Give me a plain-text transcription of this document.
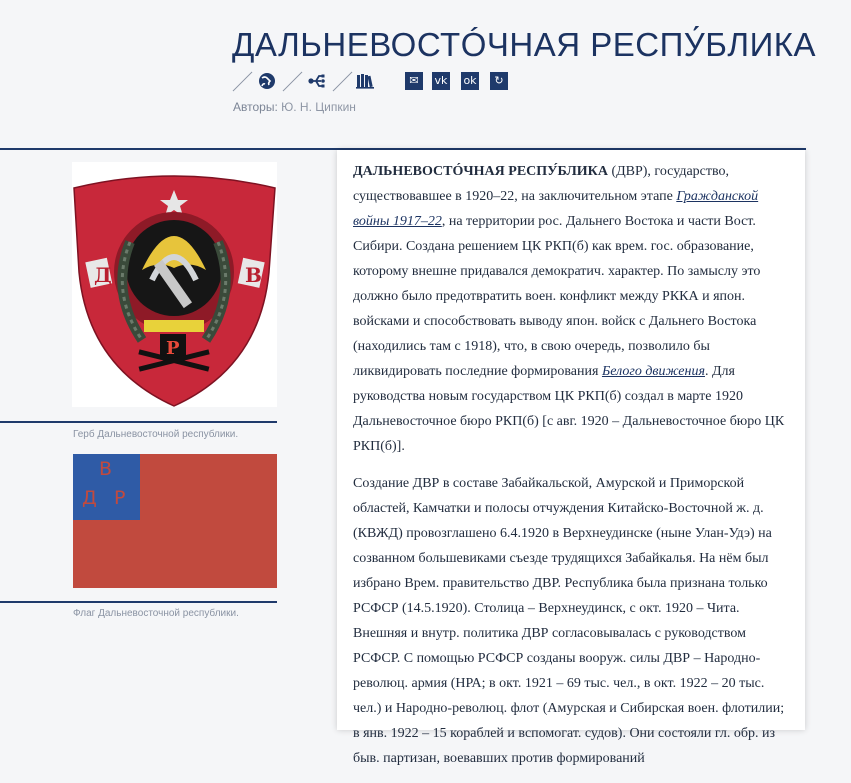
ДАЛЬНЕВОСТÓЧНАЯ РЕСПУ́БЛИКА
✉	vk ok	↻
Авторы: Ю. Н. Ципкин
Д	В
Р
Герб Дальневосточной республики.
В
Д Р
Флаг Дальневосточной республики.

ДАЛЬНЕВОСТÓЧНАЯ РЕСПУ́БЛИКА (ДВР), государство, существовавшее в 1920–22, на заключительном этапе Гражданской войны 1917–22, на территории рос. Дальнего Востока и части Вост. Сибири. Создана решением ЦК РКП(б) как врем. гос. образование, которому внешне придавался демократич. характер. По замыслу это должно было предотвратить воен. конфликт между РККА и япон. войсками и способствовать выводу япон. войск с Дальнего Востока (находились там с 1918), что, в свою очередь, позволило бы ликвидировать последние формирования Белого движения. Для руководства новым государством ЦК РКП(б) создал в марте 1920 Дальневосточное бюро РКП(б) [с авг. 1920 – Дальневосточное бюро ЦК РКП(б)].

Создание ДВР в составе Забайкальской, Амурской и Приморской областей, Камчатки и полосы отчуждения Китайско-Восточной ж. д. (КВЖД) провозглашено 6.4.1920 в Верхнеудинске (ныне Улан-Удэ) на созванном большевиками съезде трудящихся Забайкалья. На нём был избрано Врем. правительство ДВР. Республика была признана только РСФСР (14.5.1920). Столица – Верхнеудинск, с окт. 1920 – Чита. Внешняя и внутр. политика ДВР согласовывалась с руководством РСФСР. С помощью РСФСР созданы вооруж. силы ДВР – Народно-революц. армия (НРА; в окт. 1921 – 69 тыс. чел., в окт. 1922 – 20 тыс. чел.) и Народно-революц. флот (Амурская и Сибирская воен. флотилии; в янв. 1922 – 15 кораблей и вспомогат. судов). Они состояли гл. обр. из быв. партизан, воевавших против формирований
